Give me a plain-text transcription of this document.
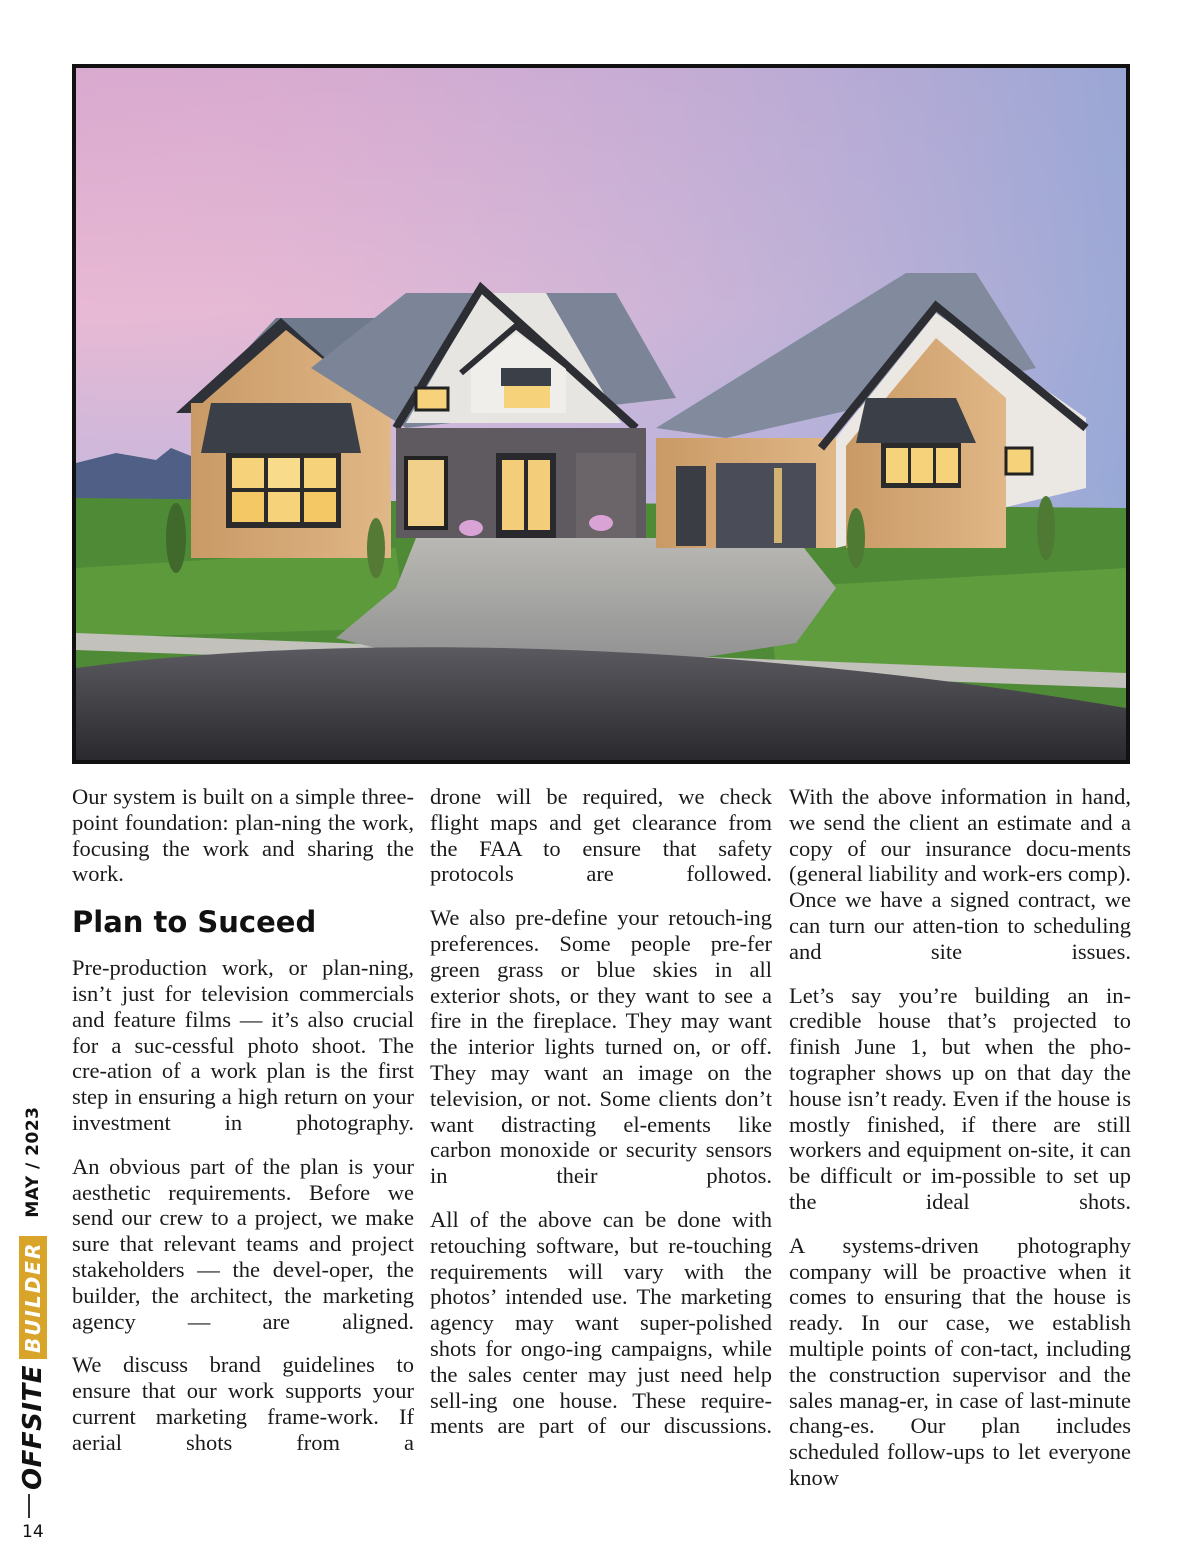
Our system is built on a simple three-point foundation: plan-ning the work, focusing the work and sharing the work.

Plan to Suceed

Pre-production work, or plan-ning, isn’t just for television commercials and feature films — it’s also crucial for a suc-cessful photo shoot. The cre-ation of a work plan is the first step in ensuring a high return on your investment in photography.

An obvious part of the plan is your aesthetic requirements. Before we send our crew to a project, we make sure that relevant teams and project stakeholders — the devel-oper, the builder, the architect, the marketing agency — are aligned.

We discuss brand guidelines to ensure that our work supports your current marketing frame-work. If aerial shots from a

drone will be required, we check flight maps and get clearance from the FAA to ensure that safety protocols are followed.

We also pre-define your retouch-ing preferences. Some people pre-fer green grass or blue skies in all exterior shots, or they want to see a fire in the fireplace. They may want the interior lights turned on, or off. They may want an image on the television, or not. Some clients don’t want distracting el-ements like carbon monoxide or security sensors in their photos.

All of the above can be done with retouching software, but re-touching requirements will vary with the photos’ intended use. The marketing agency may want super-polished shots for ongo-ing campaigns, while the sales center may just need help sell-ing one house. These require-ments are part of our discussions.

With the above information in hand, we send the client an estimate and a copy of our insurance docu-ments (general liability and work-ers comp). Once we have a signed contract, we can turn our atten-tion to scheduling and site issues.

Let’s say you’re building an in-credible house that’s projected to finish June 1, but when the pho-tographer shows up on that day the house isn’t ready. Even if the house is mostly finished, if there are still workers and equipment on-site, it can be difficult or im-possible to set up the ideal shots.

A systems-driven photography company will be proactive when it comes to ensuring that the house is ready. In our case, we establish multiple points of con-tact, including the construction supervisor and the sales manag-er, in case of last-minute chang-es. Our plan includes scheduled follow-ups to let everyone know

OFFSITE
BUILDER
MAY / 2023
14
